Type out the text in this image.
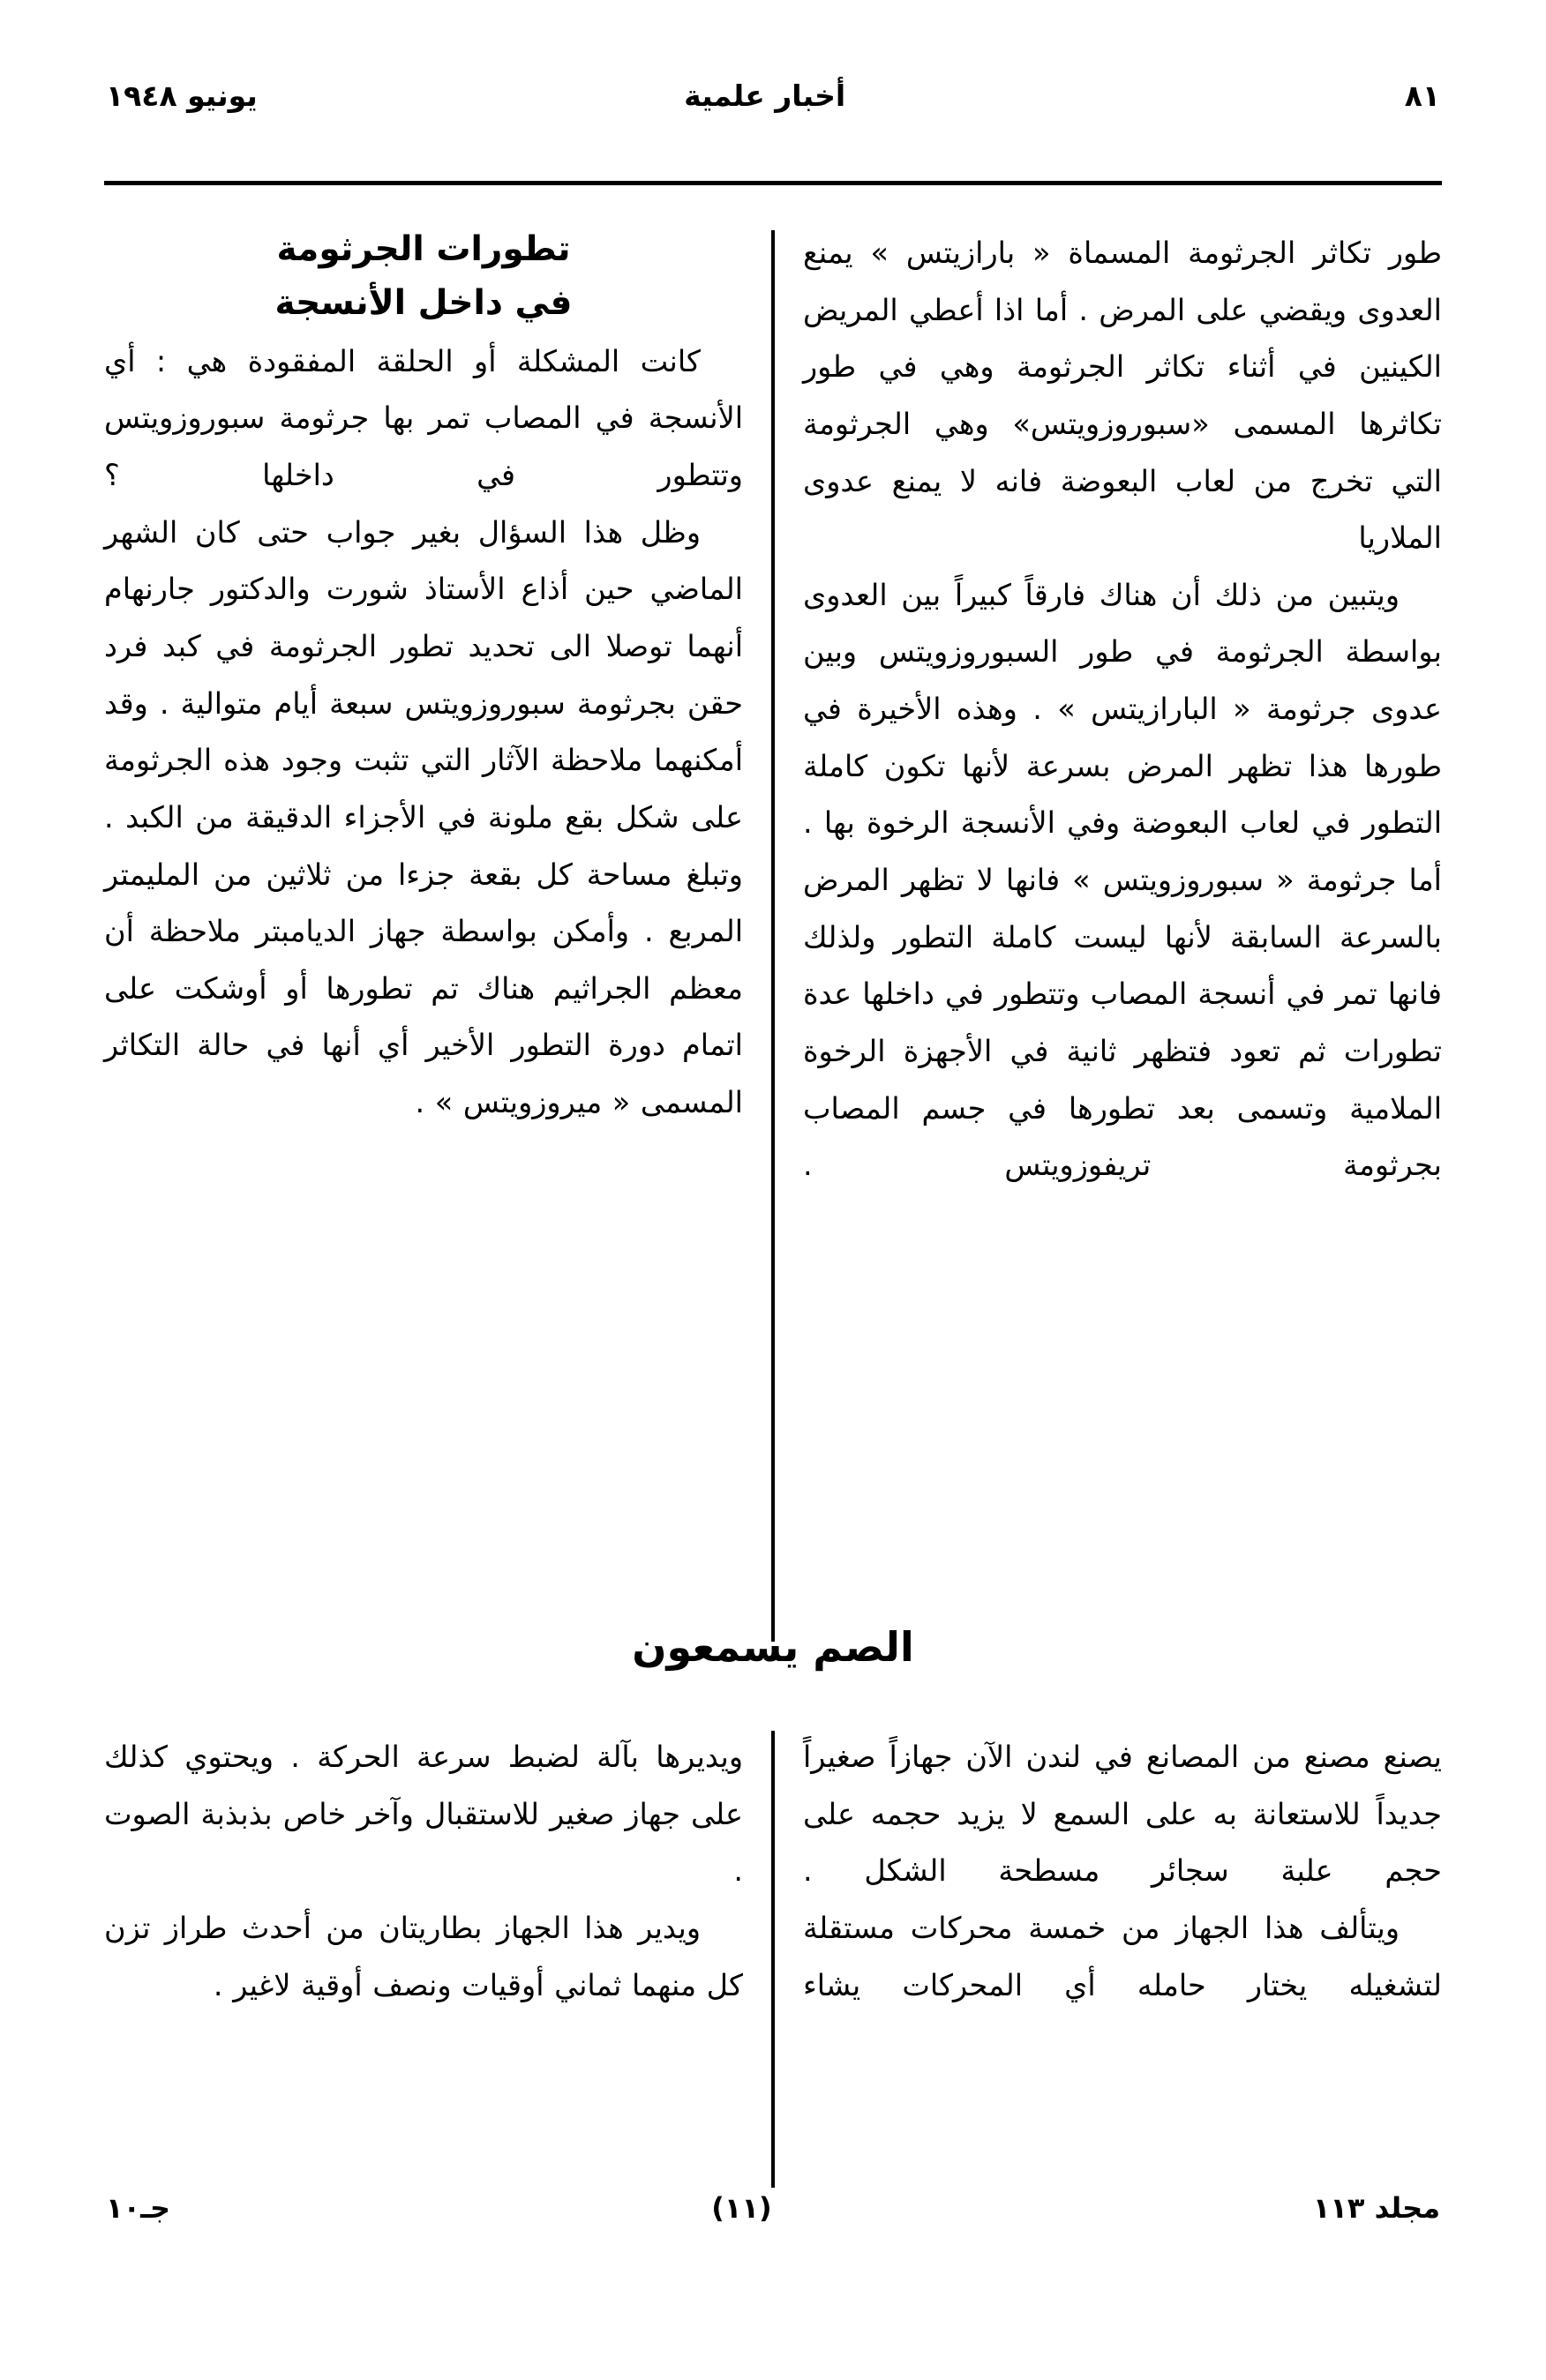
يونيو ١٩٤٨	أخبار علمية	٨١

طور تكاثر الجرثومة المسماة « بارازيتس » يمنع العدوى ويقضي على المرض . أما اذا أعطي المريض الكينين في أثناء تكاثر الجرثومة وهي في طور تكاثرها المسمى «سبوروزويتس» وهي الجرثومة التي تخرج من لعاب البعوضة فانه لا يمنع عدوى الملاريا

ويتبين من ذلك أن هناك فارقاً كبيراً بين العدوى بواسطة الجرثومة في طور السبوروزويتس وبين عدوى جرثومة « البارازيتس » . وهذه الأخيرة في طورها هذا تظهر المرض بسرعة لأنها تكون كاملة التطور في لعاب البعوضة وفي الأنسجة الرخوة بها . أما جرثومة « سبوروزويتس » فانها لا تظهر المرض بالسرعة السابقة لأنها ليست كاملة التطور ولذلك فانها تمر في أنسجة المصاب وتتطور في داخلها عدة تطورات ثم تعود فتظهر ثانية في الأجهزة الرخوة الملامية وتسمى بعد تطورها في جسم المصاب بجرثومة تريفوزويتس .

تطورات الجرثومة
في داخل الأنسجة

كانت المشكلة أو الحلقة المفقودة هي : أي الأنسجة في المصاب تمر بها جرثومة سبوروزويتس وتتطور في داخلها ؟

وظل هذا السؤال بغير جواب حتى كان الشهر الماضي حين أذاع الأستاذ شورت والدكتور جارنهام أنهما توصلا الى تحديد تطور الجرثومة في كبد فرد حقن بجرثومة سبوروزويتس سبعة أيام متوالية . وقد أمكنهما ملاحظة الآثار التي تثبت وجود هذه الجرثومة على شكل بقع ملونة في الأجزاء الدقيقة من الكبد . وتبلغ مساحة كل بقعة جزءا من ثلاثين من المليمتر المربع . وأمكن بواسطة جهاز الديامبتر ملاحظة أن معظم الجراثيم هناك تم تطورها أو أوشكت على اتمام دورة التطور الأخير أي أنها في حالة التكاثر المسمى « ميروزويتس » .

الصم يسمعون

يصنع مصنع من المصانع في لندن الآن جهازاً صغيراً جديداً للاستعانة به على السمع لا يزيد حجمه على حجم علبة سجائر مسطحة الشكل .

ويتألف هذا الجهاز من خمسة محركات مستقلة لتشغيله يختار حامله أي المحركات يشاء

ويديرها بآلة لضبط سرعة الحركة . ويحتوي كذلك على جهاز صغير للاستقبال وآخر خاص بذبذبة الصوت .

ويدير هذا الجهاز بطاريتان من أحدث طراز تزن كل منهما ثماني أوقيات ونصف أوقية لاغير .

جـ١٠	(١١)	مجلد ١١٣
